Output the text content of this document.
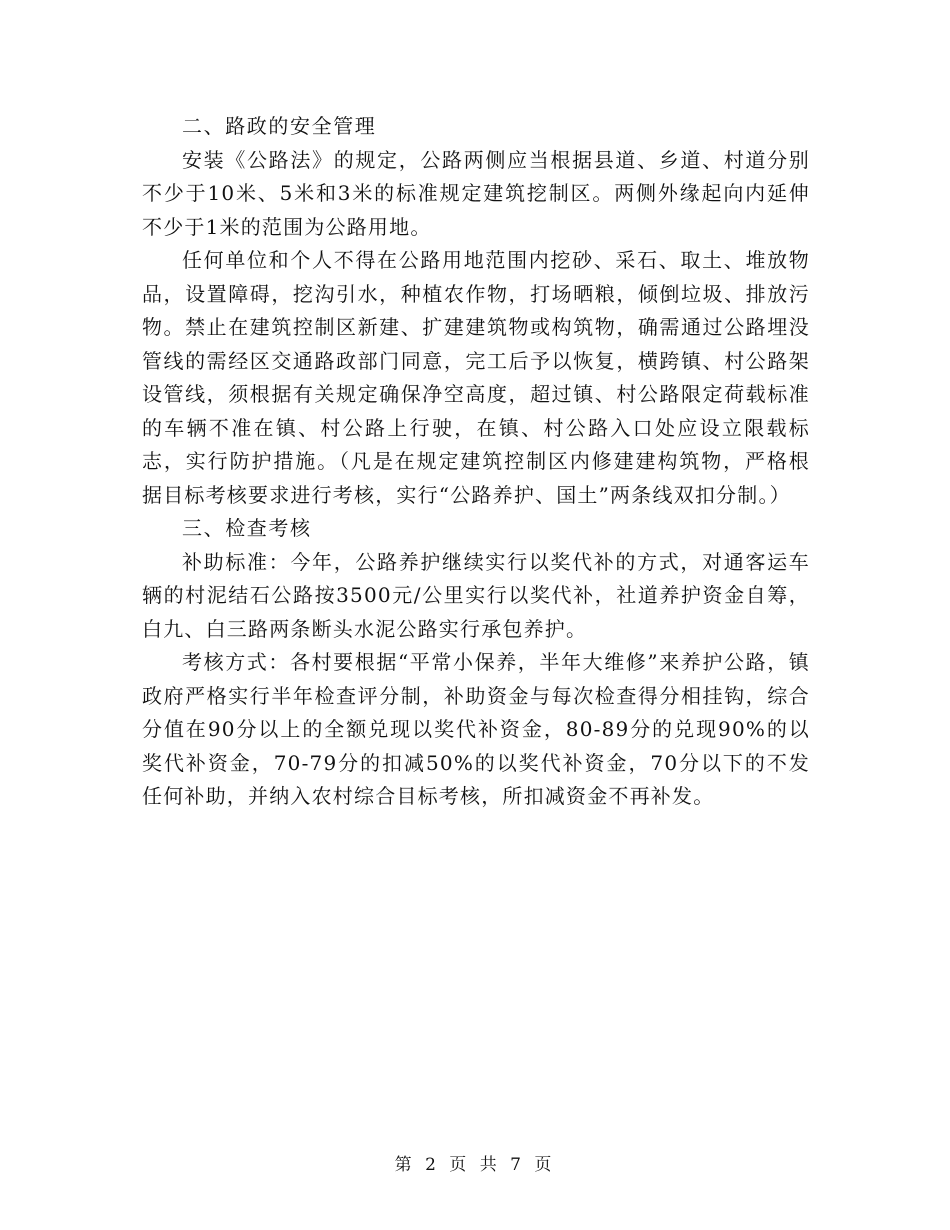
二、路政的安全管理

安装《公路法》的规定，公路两侧应当根据县道、乡道、村道分别不少于10米、5米和3米的标准规定建筑挖制区。两侧外缘起向内延伸不少于1米的范围为公路用地。

任何单位和个人不得在公路用地范围内挖砂、采石、取土、堆放物品，设置障碍，挖沟引水，种植农作物，打场晒粮，倾倒垃圾、排放污物。禁止在建筑控制区新建、扩建建筑物或构筑物，确需通过公路埋没管线的需经区交通路政部门同意，完工后予以恢复，横跨镇、村公路架设管线，须根据有关规定确保净空高度，超过镇、村公路限定荷载标准的车辆不准在镇、村公路上行驶，在镇、村公路入口处应设立限载标志，实行防护措施。（凡是在规定建筑控制区内修建建构筑物，严格根据目标考核要求进行考核，实行“公路养护、国土”两条线双扣分制。）

三、检查考核

补助标准：今年，公路养护继续实行以奖代补的方式，对通客运车辆的村泥结石公路按3500元/公里实行以奖代补，社道养护资金自筹，白九、白三路两条断头水泥公路实行承包养护。

考核方式：各村要根据“平常小保养，半年大维修”来养护公路，镇政府严格实行半年检查评分制，补助资金与每次检查得分相挂钩，综合分值在90分以上的全额兑现以奖代补资金，80-89分的兑现90%的以奖代补资金，70-79分的扣减50%的以奖代补资金，70分以下的不发任何补助，并纳入农村综合目标考核，所扣减资金不再补发。

第 2 页 共 7 页
